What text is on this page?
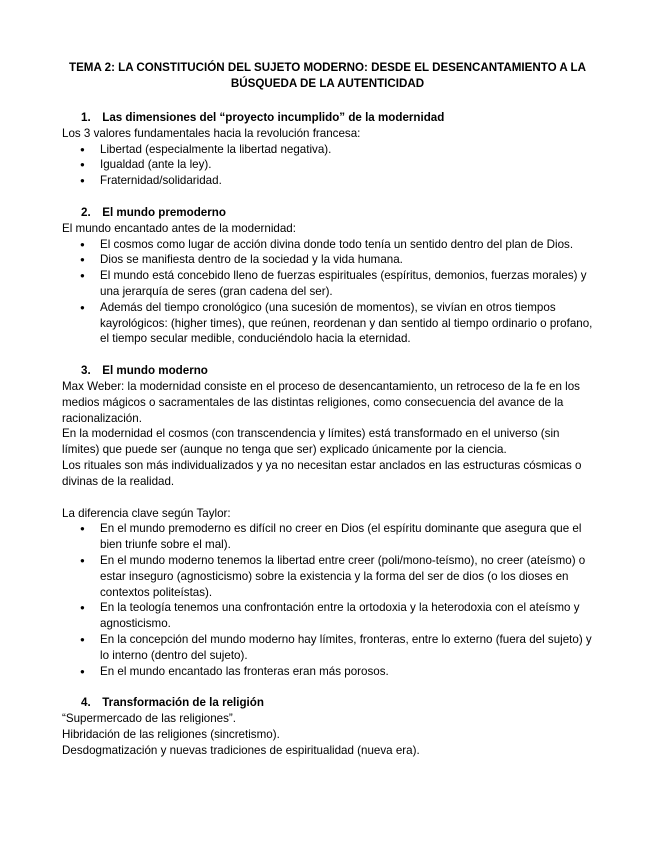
TEMA 2: LA CONSTITUCIÓN DEL SUJETO MODERNO: DESDE EL DESENCANTAMIENTO A LA
BÚSQUEDA DE LA AUTENTICIDAD
1. Las dimensiones del “proyecto incumplido” de la modernidad

Los 3 valores fundamentales hacia la revolución francesa:

● Libertad (especialmente la libertad negativa).
● Igualdad (ante la ley).
● Fraternidad/solidaridad.
2. El mundo premoderno

El mundo encantado antes de la modernidad:

● El cosmos como lugar de acción divina donde todo tenía un sentido dentro del plan de Dios.
● Dios se manifiesta dentro de la sociedad y la vida humana.
● El mundo está concebido lleno de fuerzas espirituales (espíritus, demonios, fuerzas morales) y una jerarquía de seres (gran cadena del ser).
● Además del tiempo cronológico (una sucesión de momentos), se vivían en otros tiempos kayrológicos: (higher times), que reúnen, reordenan y dan sentido al tiempo ordinario o profano, el tiempo secular medible, conduciéndolo hacia la eternidad.
3. El mundo moderno

Max Weber: la modernidad consiste en el proceso de desencantamiento, un retroceso de la fe en los medios mágicos o sacramentales de las distintas religiones, como consecuencia del avance de la racionalización.

En la modernidad el cosmos (con transcendencia y límites) está transformado en el universo (sin límites) que puede ser (aunque no tenga que ser) explicado únicamente por la ciencia.

Los rituales son más individualizados y ya no necesitan estar anclados en las estructuras cósmicas o divinas de la realidad.

La diferencia clave según Taylor:

● En el mundo premoderno es difícil no creer en Dios (el espíritu dominante que asegura que el bien triunfe sobre el mal).
● En el mundo moderno tenemos la libertad entre creer (poli/mono-teísmo), no creer (ateísmo) o estar inseguro (agnosticismo) sobre la existencia y la forma del ser de dios (o los dioses en contextos politeístas).
● En la teología tenemos una confrontación entre la ortodoxia y la heterodoxia con el ateísmo y agnosticismo.
● En la concepción del mundo moderno hay límites, fronteras, entre lo externo (fuera del sujeto) y lo interno (dentro del sujeto).
● En el mundo encantado las fronteras eran más porosos.
4. Transformación de la religión

“Supermercado de las religiones”.

Hibridación de las religiones (sincretismo).

Desdogmatización y nuevas tradiciones de espiritualidad (nueva era).
